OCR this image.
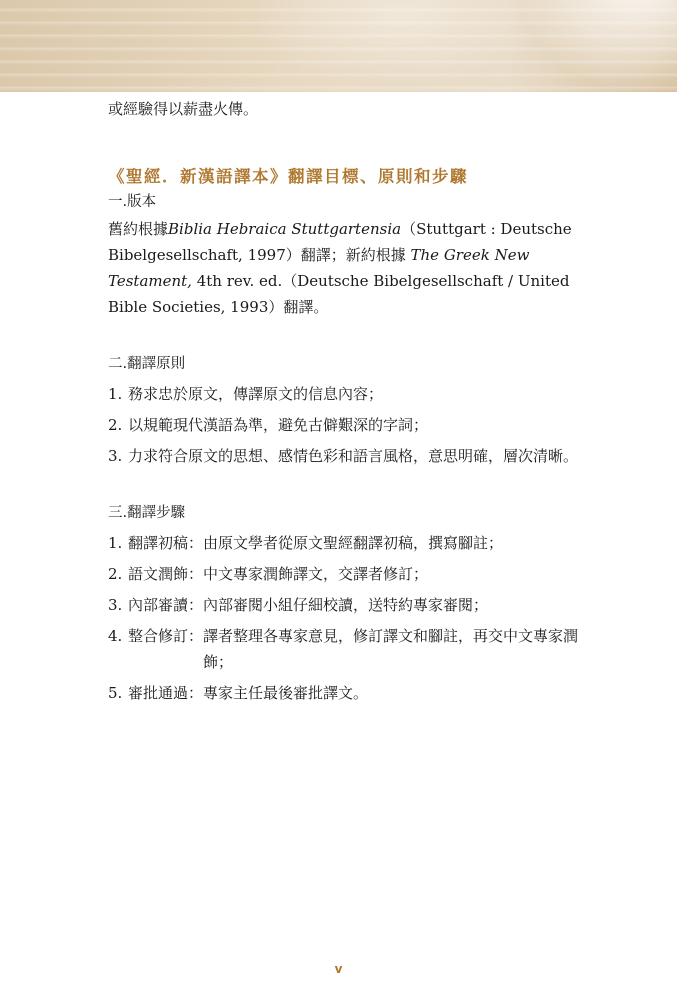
或經驗得以薪盡火傳。

《聖經．新漢語譯本》翻譯目標、原則和步驟
一.版本
舊約根據Biblia Hebraica Stuttgartensia（Stuttgart : Deutsche Bibelgesellschaft, 1997）翻譯；新約根據 The Greek New Testament, 4th rev. ed.（Deutsche Bibelgesellschaft / United Bible Societies, 1993）翻譯。
二.翻譯原則
1. 務求忠於原文，傳譯原文的信息內容；
2. 以規範現代漢語為準，避免古僻艱深的字詞；
3. 力求符合原文的思想、感情色彩和語言風格，意思明確，層次清晰。
三.翻譯步驟
1. 翻譯初稿： 由原文學者從原文聖經翻譯初稿，撰寫腳註；
2. 語文潤飾： 中文專家潤飾譯文，交譯者修訂；
3. 內部審讀： 內部審閱小組仔細校讀，送特約專家審閱；
4. 整合修訂： 譯者整理各專家意見，修訂譯文和腳註，再交中文專家潤飾；
5. 審批通過： 專家主任最後審批譯文。
v
